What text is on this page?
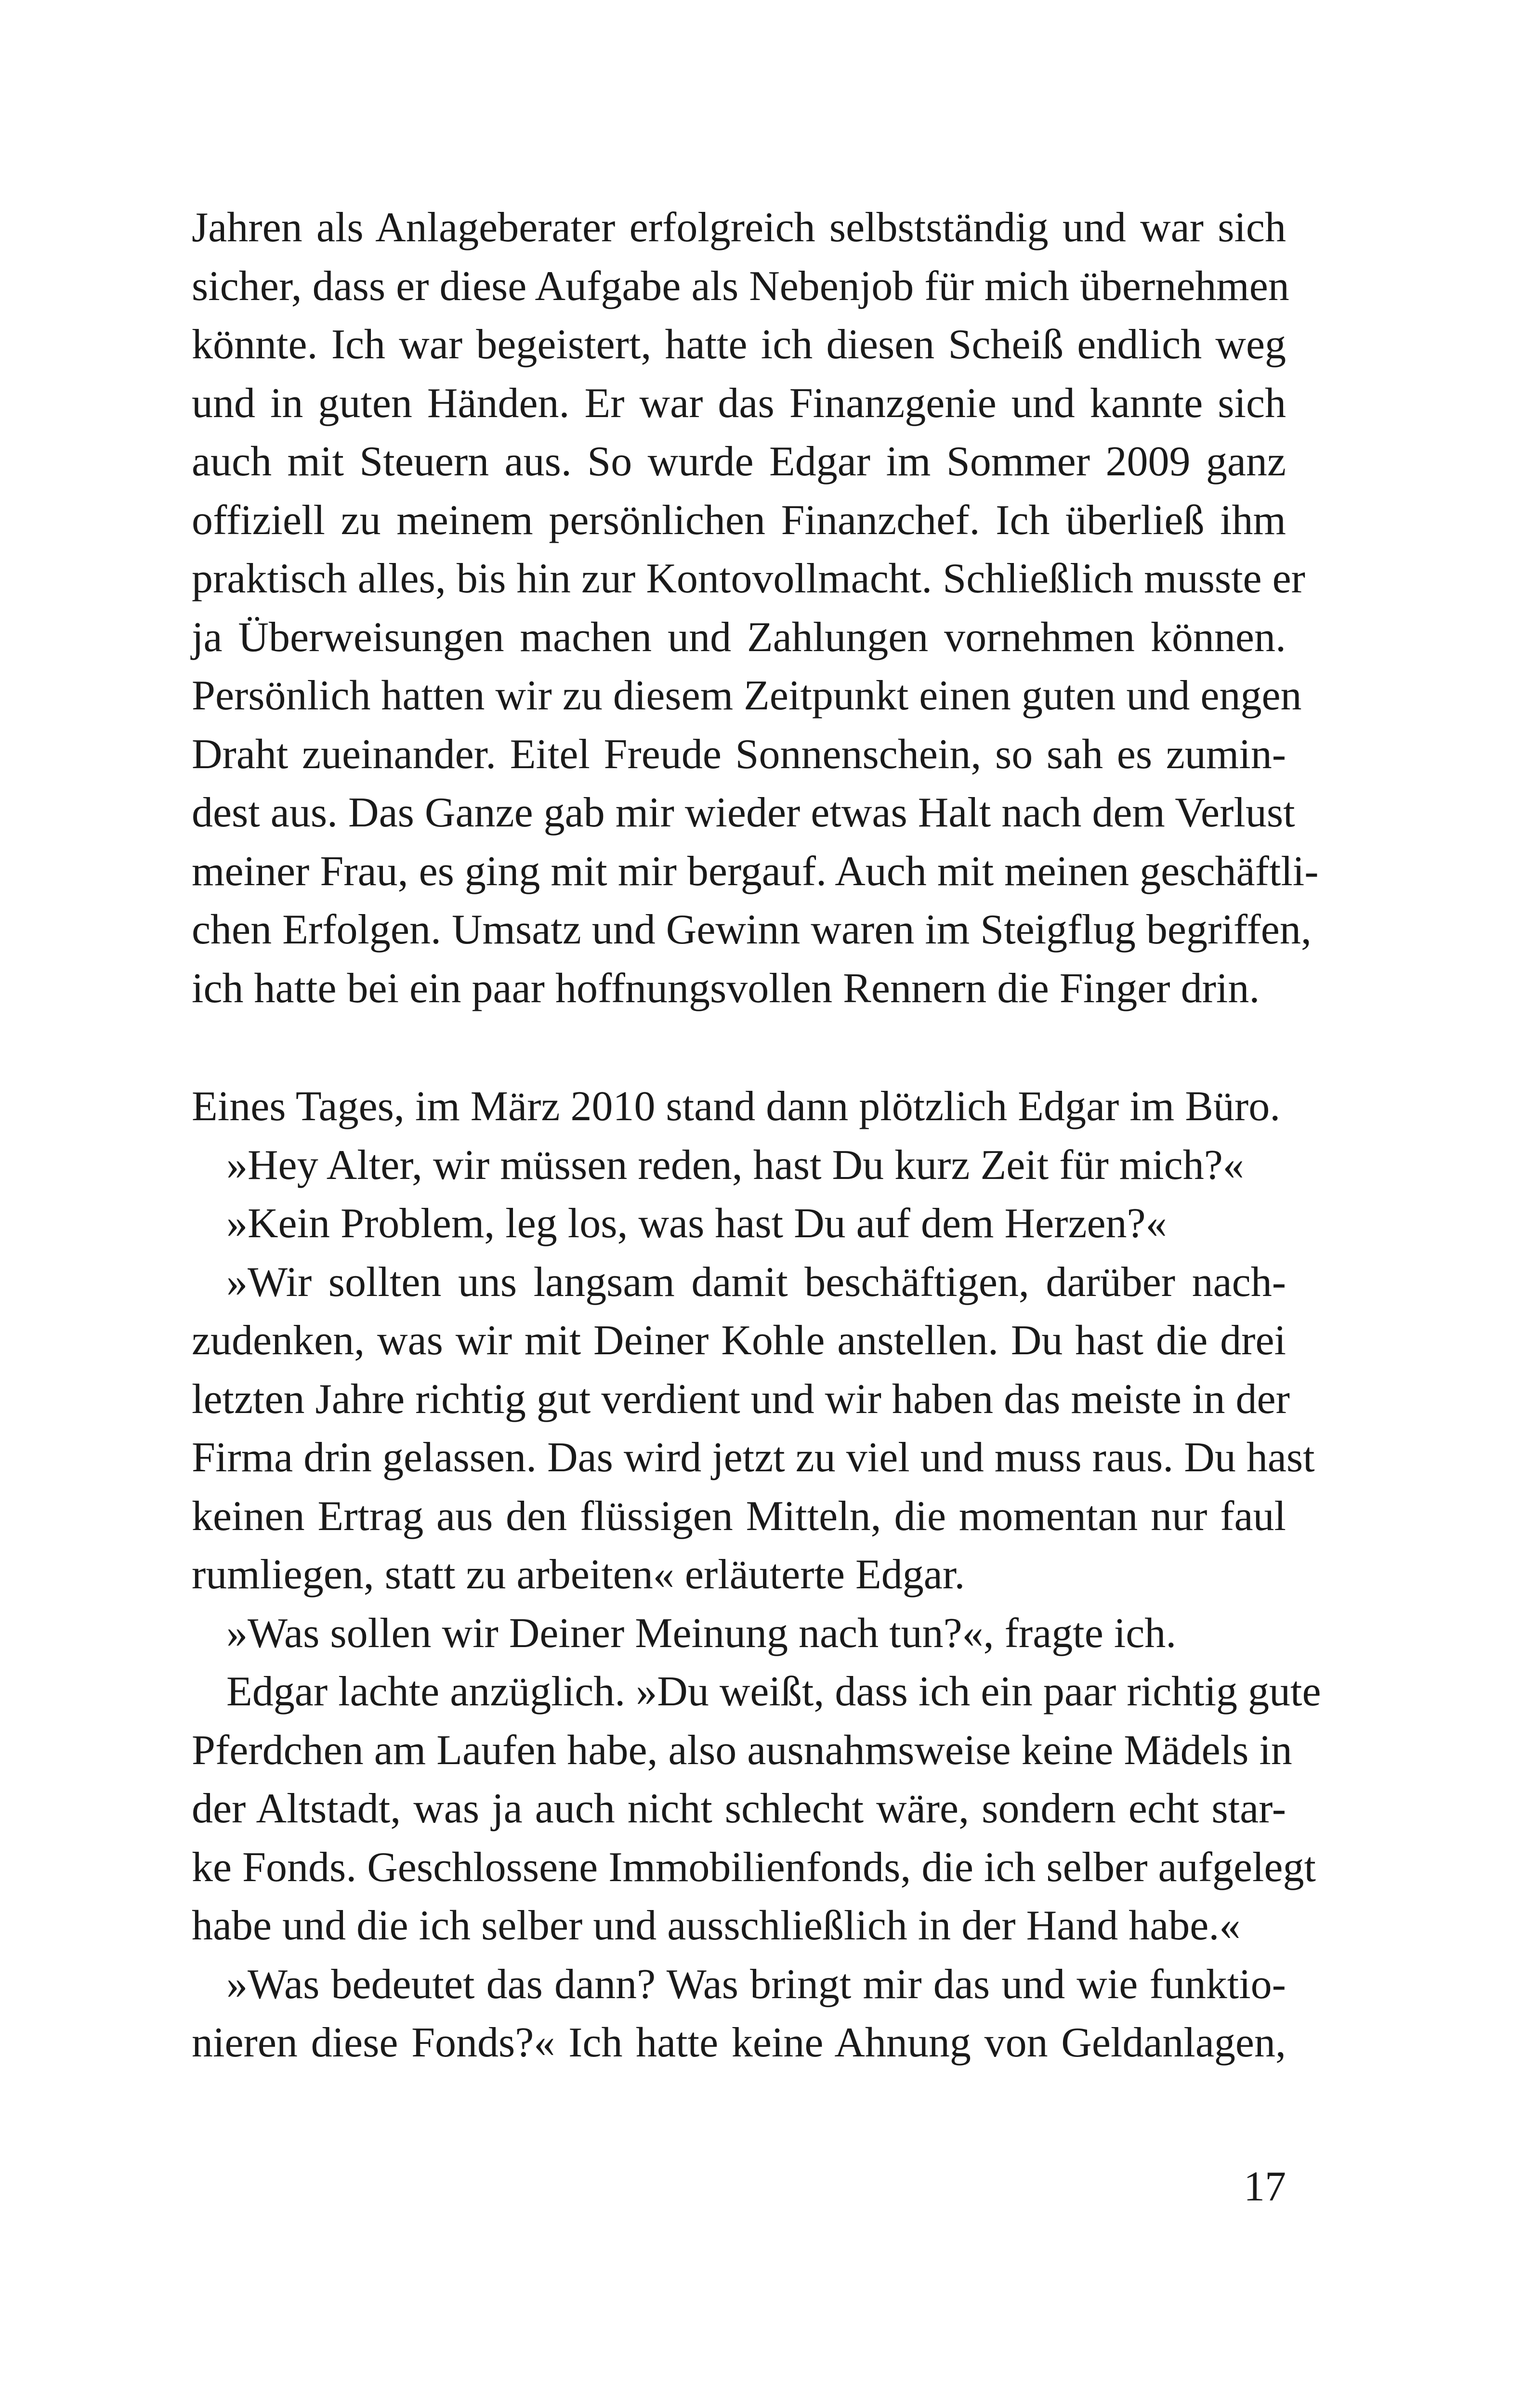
Jahren als Anlageberater erfolgreich selbstständig und war sich
sicher, dass er diese Aufgabe als Nebenjob für mich übernehmen
könnte. Ich war begeistert, hatte ich diesen Scheiß endlich weg
und in guten Händen. Er war das Finanzgenie und kannte sich
auch mit Steuern aus. So wurde Edgar im Sommer 2009 ganz
offiziell zu meinem persönlichen Finanzchef. Ich überließ ihm
praktisch alles, bis hin zur Kontovollmacht. Schließlich musste er
ja Überweisungen machen und Zahlungen vornehmen können.
Persönlich hatten wir zu diesem Zeitpunkt einen guten und engen
Draht zueinander. Eitel Freude Sonnenschein, so sah es zumin-
dest aus. Das Ganze gab mir wieder etwas Halt nach dem Verlust
meiner Frau, es ging mit mir bergauf. Auch mit meinen geschäftli-
chen Erfolgen. Umsatz und Gewinn waren im Steigflug begriffen,
ich hatte bei ein paar hoffnungsvollen Rennern die Finger drin.
Eines Tages, im März 2010 stand dann plötzlich Edgar im Büro.
»Hey Alter, wir müssen reden, hast Du kurz Zeit für mich?«
»Kein Problem, leg los, was hast Du auf dem Herzen?«
»Wir sollten uns langsam damit beschäftigen, darüber nach-
zudenken, was wir mit Deiner Kohle anstellen. Du hast die drei
letzten Jahre richtig gut verdient und wir haben das meiste in der
Firma drin gelassen. Das wird jetzt zu viel und muss raus. Du hast
keinen Ertrag aus den flüssigen Mitteln, die momentan nur faul
rumliegen, statt zu arbeiten« erläuterte Edgar.
»Was sollen wir Deiner Meinung nach tun?«, fragte ich.
Edgar lachte anzüglich. »Du weißt, dass ich ein paar richtig gute
Pferdchen am Laufen habe, also ausnahmsweise keine Mädels in
der Altstadt, was ja auch nicht schlecht wäre, sondern echt star-
ke Fonds. Geschlossene Immobilienfonds, die ich selber aufgelegt
habe und die ich selber und ausschließlich in der Hand habe.«
»Was bedeutet das dann? Was bringt mir das und wie funktio-
nieren diese Fonds?« Ich hatte keine Ahnung von Geldanlagen,
17
